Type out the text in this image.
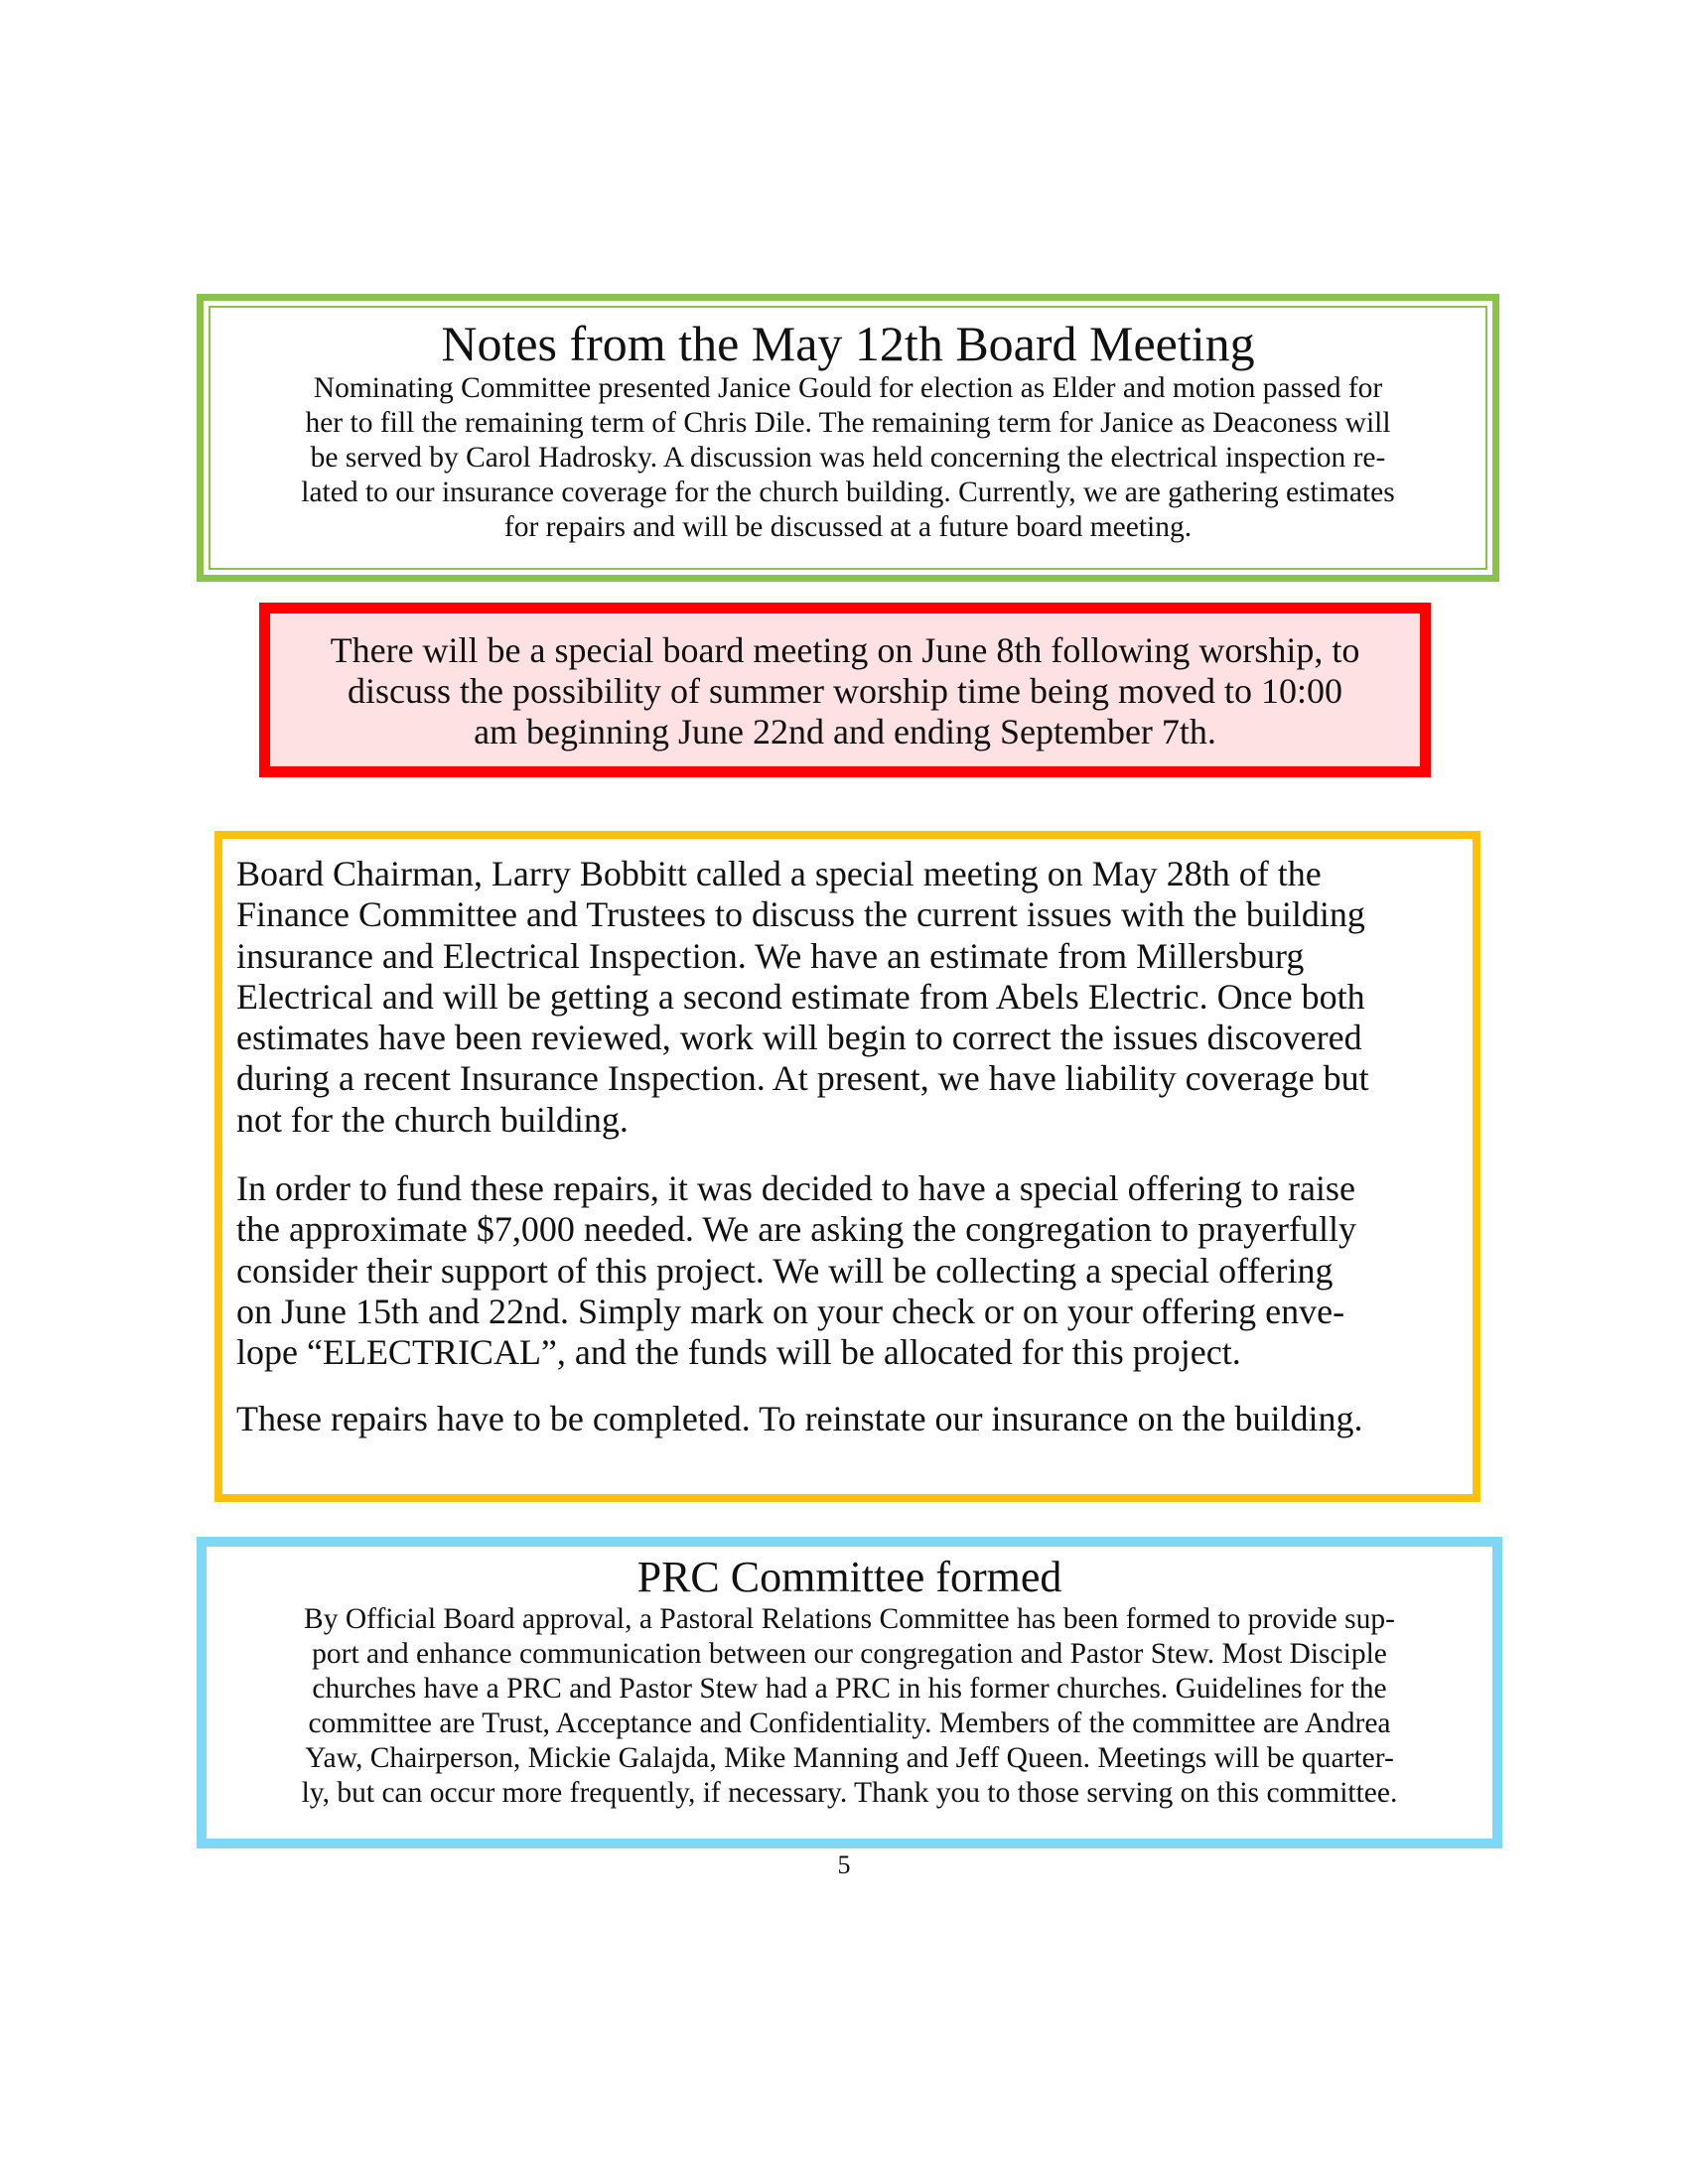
Notes from the May 12th Board Meeting
Nominating Committee presented Janice Gould for election as Elder and motion passed for
her to fill the remaining term of Chris Dile. The remaining term for Janice as Deaconess will
be served by Carol Hadrosky. A discussion was held concerning the electrical inspection re-
lated to our insurance coverage for the church building. Currently, we are gathering estimates
for repairs and will be discussed at a future board meeting.
There will be a special board meeting on June 8th following worship, to
discuss the possibility of summer worship time being moved to 10:00
am beginning June 22nd and ending September 7th.
Board Chairman, Larry Bobbitt called a special meeting on May 28th of the
Finance Committee and Trustees to discuss the current issues with the building
insurance and Electrical Inspection. We have an estimate from Millersburg
Electrical and will be getting a second estimate from Abels Electric. Once both
estimates have been reviewed, work will begin to correct the issues discovered
during a recent Insurance Inspection. At present, we have liability coverage but
not for the church building.
In order to fund these repairs, it was decided to have a special offering to raise
the approximate $7,000 needed. We are asking the congregation to prayerfully
consider their support of this project. We will be collecting a special offering
on June 15th and 22nd. Simply mark on your check or on your offering enve-
lope “ELECTRICAL”, and the funds will be allocated for this project.
These repairs have to be completed. To reinstate our insurance on the building.
PRC Committee formed
By Official Board approval, a Pastoral Relations Committee has been formed to provide sup-
port and enhance communication between our congregation and Pastor Stew. Most Disciple
churches have a PRC and Pastor Stew had a PRC in his former churches. Guidelines for the
committee are Trust, Acceptance and Confidentiality. Members of the committee are Andrea
Yaw, Chairperson, Mickie Galajda, Mike Manning and Jeff Queen. Meetings will be quarter-
ly, but can occur more frequently, if necessary. Thank you to those serving on this committee.
5
